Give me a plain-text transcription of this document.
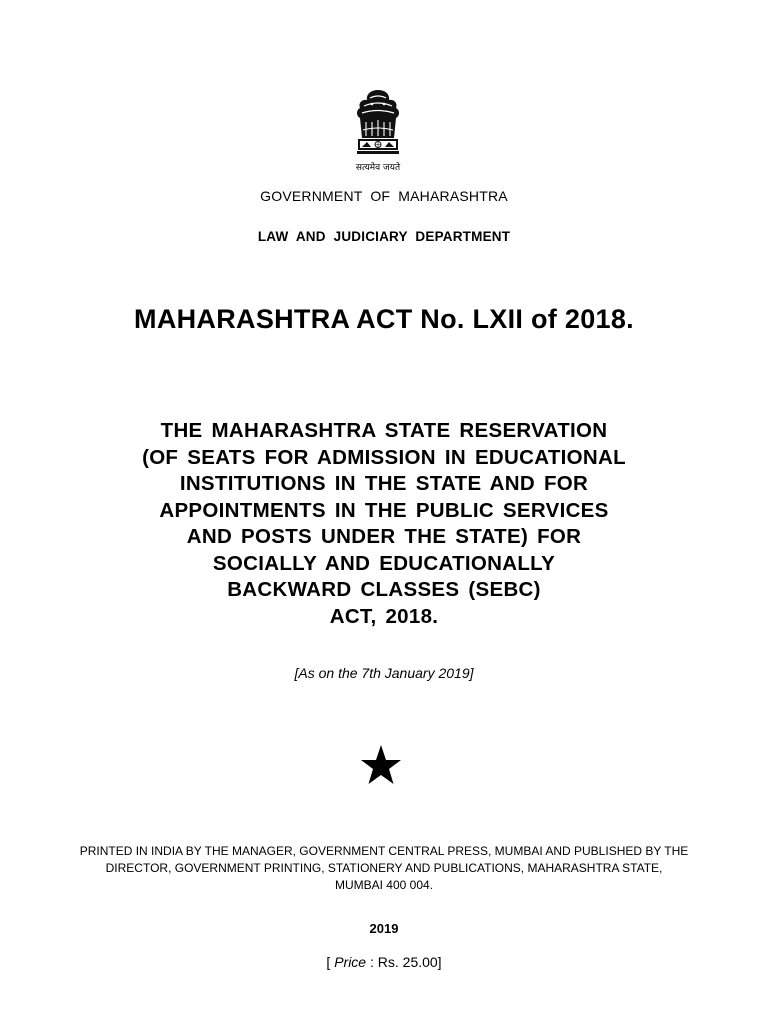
सत्यमेव जयते
GOVERNMENT OF MAHARASHTRA
LAW AND JUDICIARY DEPARTMENT
MAHARASHTRA ACT No. LXII of 2018.
THE MAHARASHTRA STATE RESERVATION
(OF SEATS FOR ADMISSION IN EDUCATIONAL
INSTITUTIONS IN THE STATE AND FOR
APPOINTMENTS IN THE PUBLIC SERVICES
AND POSTS UNDER THE STATE) FOR
SOCIALLY AND EDUCATIONALLY
BACKWARD CLASSES (SEBC)
ACT, 2018.
[As on the 7th January 2019]
PRINTED IN INDIA BY THE MANAGER, GOVERNMENT CENTRAL PRESS, MUMBAI AND PUBLISHED BY THE
DIRECTOR, GOVERNMENT PRINTING, STATIONERY AND PUBLICATIONS, MAHARASHTRA STATE,
MUMBAI 400 004.
2019
[ Price : Rs. 25.00]
